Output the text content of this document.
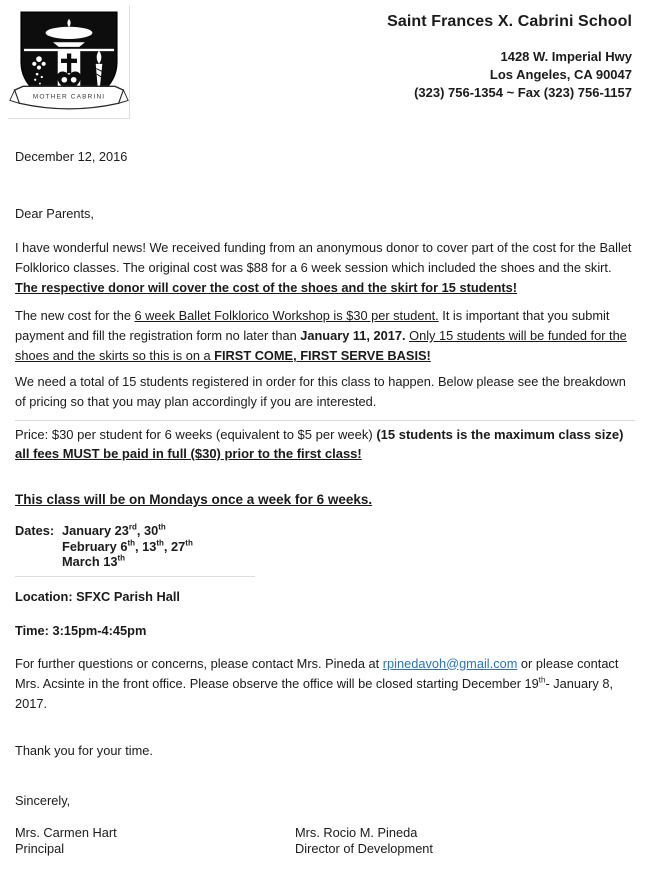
MOTHER CABRINI
Saint Frances X. Cabrini School
1428 W. Imperial Hwy
Los Angeles, CA 90047
(323) 756-1354 ~ Fax (323) 756-1157
December 12, 2016
Dear Parents,

I have wonderful news! We received funding from an anonymous donor to cover part of the cost for the Ballet Folklorico classes. The original cost was $88 for a 6 week session which included the shoes and the skirt. The respective donor will cover the cost of the shoes and the skirt for 15 students!

The new cost for the 6 week Ballet Folklorico Workshop is $30 per student. It is important that you submit payment and fill the registration form no later than January 11, 2017. Only 15 students will be funded for the shoes and the skirts so this is on a FIRST COME, FIRST SERVE BASIS!

We need a total of 15 students registered in order for this class to happen. Below please see the breakdown of pricing so that you may plan accordingly if you are interested.

Price: $30 per student for 6 weeks (equivalent to $5 per week) (15 students is the maximum class size) all fees MUST be paid in full ($30) prior to the first class!

This class will be on Mondays once a week for 6 weeks.

Dates: January 23rd, 30th
February 6th, 13th, 27th
March 13th
Location: SFXC Parish Hall
Time: 3:15pm-4:45pm

For further questions or concerns, please contact Mrs. Pineda at rpinedavoh@gmail.com or please contact Mrs. Acsinte in the front office. Please observe the office will be closed starting December 19th- January 8, 2017.

Thank you for your time.
Sincerely,
Mrs. Carmen Hart
Principal
Mrs. Rocio M. Pineda
Director of Development
